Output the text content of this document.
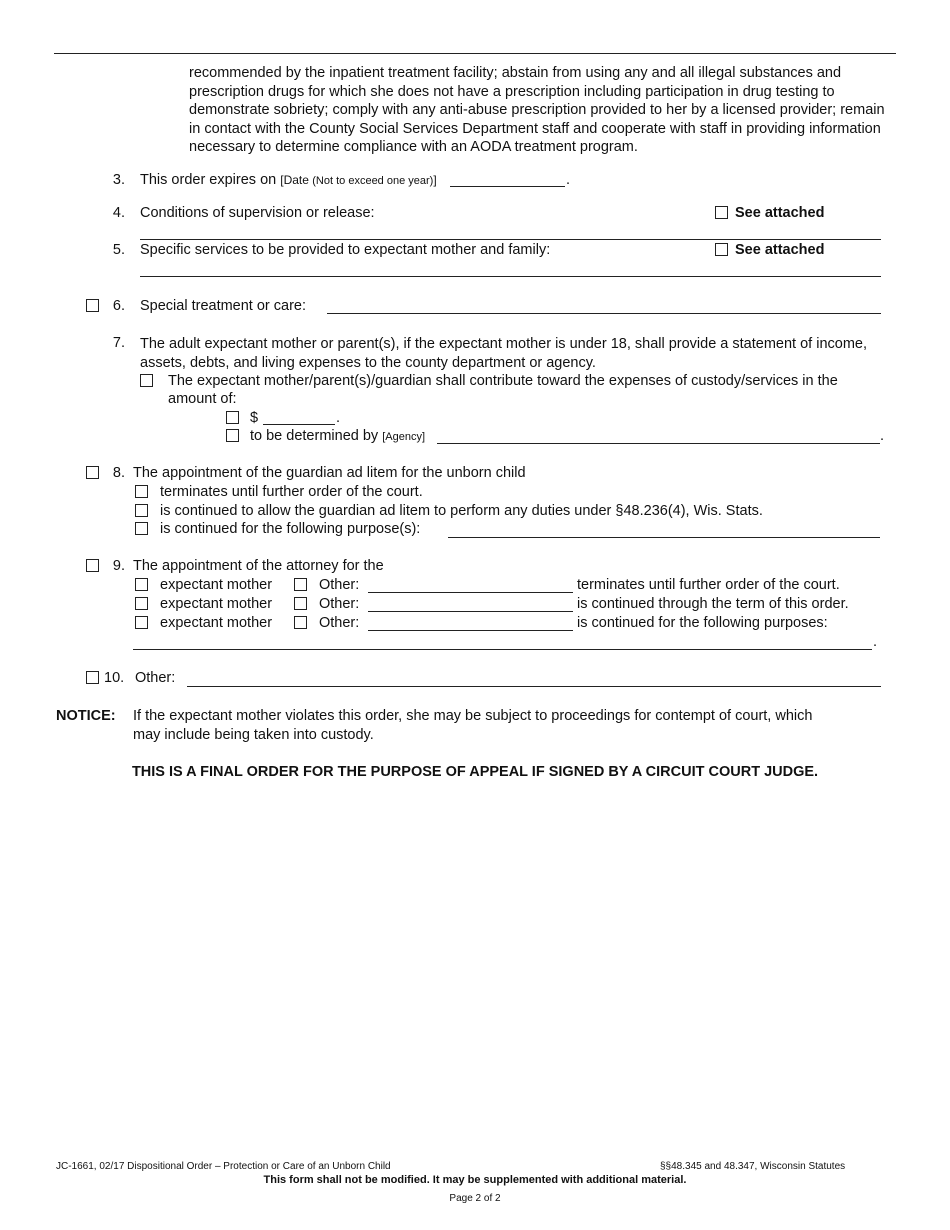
recommended by the inpatient treatment facility; abstain from using any and all illegal substances and prescription drugs for which she does not have a prescription including participation in drug testing to demonstrate sobriety; comply with any anti-abuse prescription provided to her by a licensed provider; remain in contact with the County Social Services Department staff and cooperate with staff in providing information necessary to determine compliance with an AODA treatment program.
3. This order expires on [Date (Not to exceed one year)]	.
4. Conditions of supervision or release:	See attached
5. Specific services to be provided to expectant mother and family:	See attached
6. Special treatment or care:
7. The adult expectant mother or parent(s), if the expectant mother is under 18, shall provide a statement of income, assets, debts, and living expenses to the county department or agency.
The expectant mother/parent(s)/guardian shall contribute toward the expenses of custody/services in the
amount of:
$	.
to be determined by [Agency]	.
8. The appointment of the guardian ad litem for the unborn child
terminates until further order of the court.
is continued to allow the guardian ad litem to perform any duties under §48.236(4), Wis. Stats.
is continued for the following purpose(s):
9. The appointment of the attorney for the
expectant mother	Other:	terminates until further order of the court.
expectant mother	Other:	is continued through the term of this order.
expectant mother	Other:	is continued for the following purposes:
.
10. Other:
NOTICE: If the expectant mother violates this order, she may be subject to proceedings for contempt of court, which
may include being taken into custody.
THIS IS A FINAL ORDER FOR THE PURPOSE OF APPEAL IF SIGNED BY A CIRCUIT COURT JUDGE.
JC-1661, 02/17 Dispositional Order – Protection or Care of an Unborn Child	§§48.345 and 48.347, Wisconsin Statutes
This form shall not be modified. It may be supplemented with additional material.
Page 2 of 2
